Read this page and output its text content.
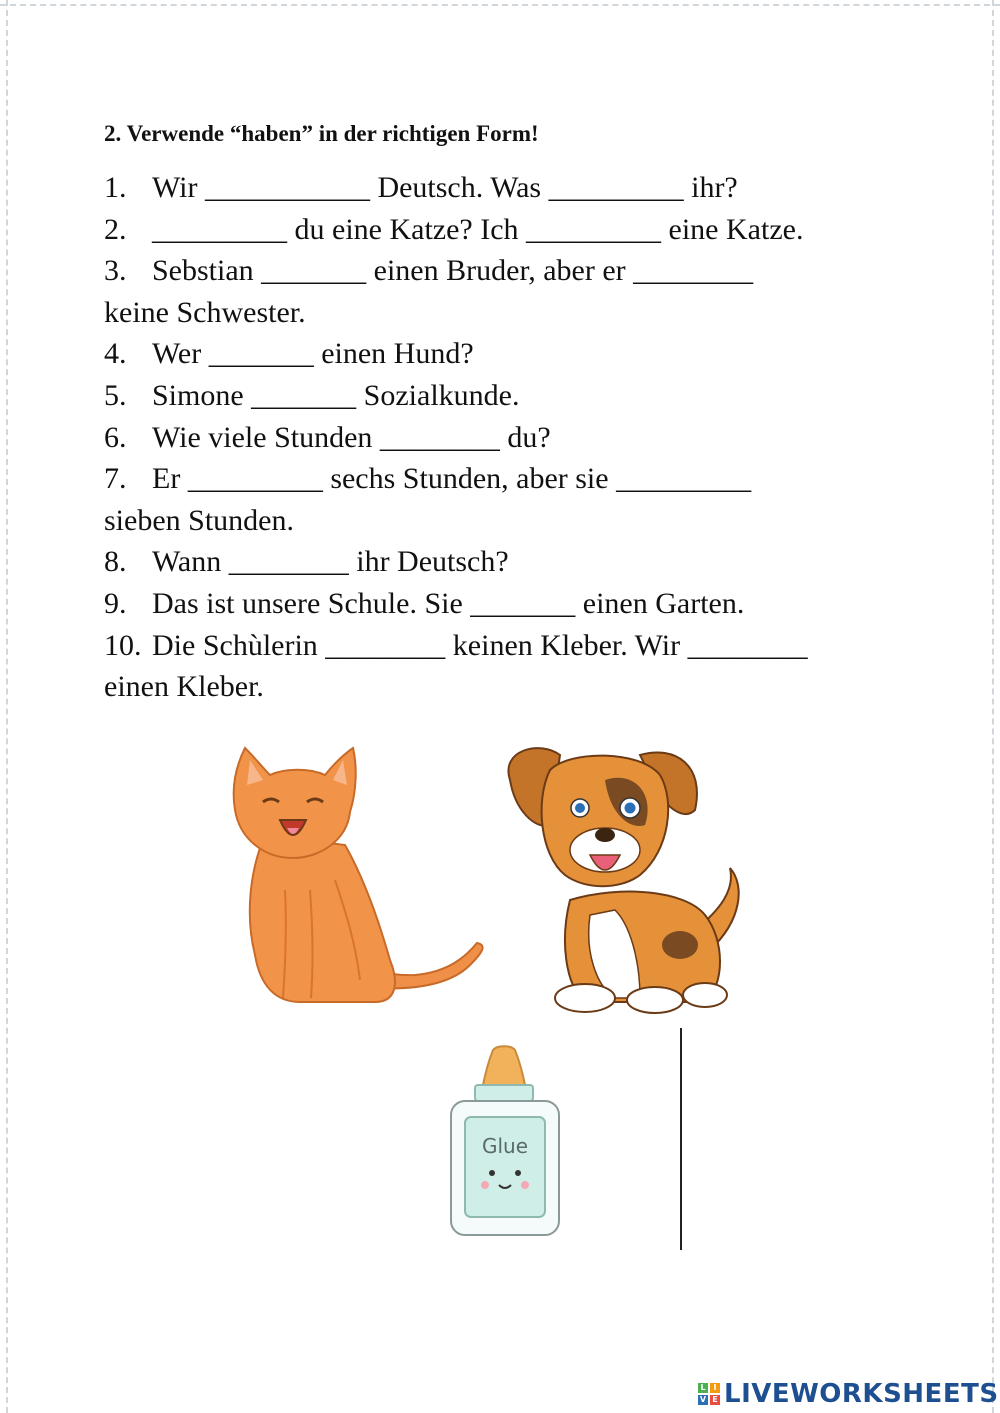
2. Verwende “haben” in der richtigen Form!
1. Wir ___________ Deutsch. Was _________ ihr?
2. _________ du eine Katze? Ich _________ eine Katze.
3. Sebstian _______ einen Bruder, aber er ________
keine Schwester.
4. Wer _______ einen Hund?
5. Simone _______ Sozialkunde.
6. Wie viele Stunden ________ du?
7. Er _________ sechs Stunden, aber sie _________
sieben Stunden.
8. Wann ________ ihr Deutsch?
9. Das ist unsere Schule. Sie _______ einen Garten.
10. Die Schùlerin ________ keinen Kleber. Wir ________
einen Kleber.
Glue
L I
V E LIVEWORKSHEETS
